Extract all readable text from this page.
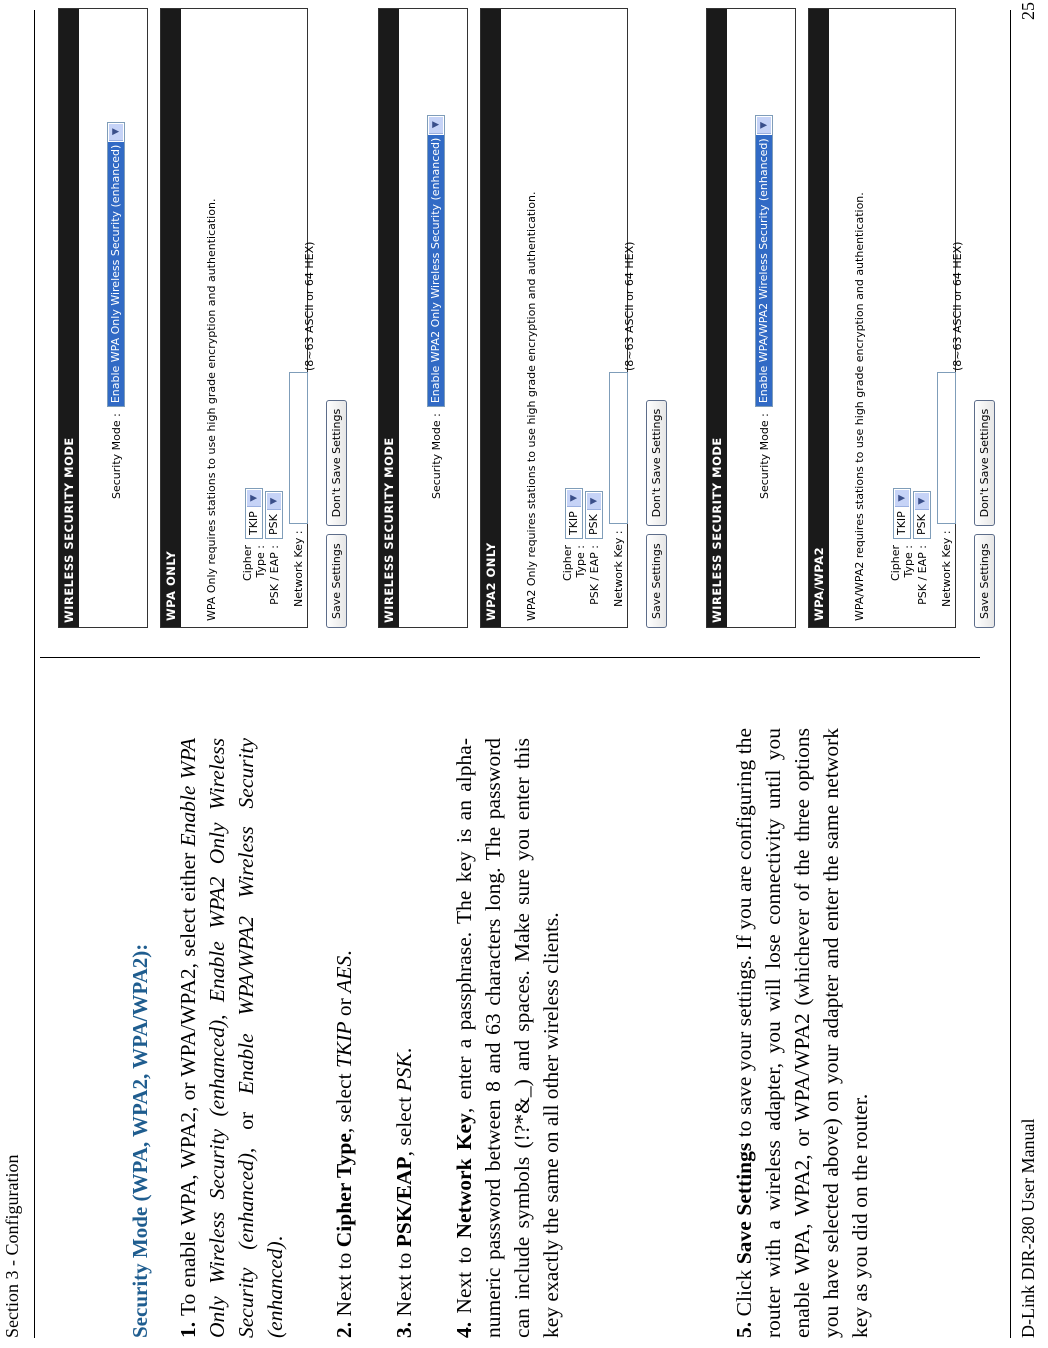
Section 3 - Configuration	D-Link DIR-280 User Manual
25
Security Mode (WPA, WPA2, WPA/WPA2): 1. To enable WPA, WPA2, or WPA/WPA2, select either Enable WPA Only Wireless Security (enhanced), Enable WPA2 Only Wireless Security (enhanced), or Enable WPA/WPA2 Wireless Security (enhanced).
2. Next to Cipher Type, select TKIP or AES.
3. Next to PSK/EAP, select PSK.
4. Next to Network Key, enter a passphrase. The key is an alpha-numeric password between 8 and 63 characters long. The password can include symbols (!?*&_) and spaces. Make sure you enter this key exactly the same on all other wireless clients.	5. Click Save Settings to save your settings. If you are configuring the router with a wireless adapter, you will lose connectivity until you enable WPA, WPA2, or WPA/WPA2 (whichever of the three options you have selected above) on your adapter and enter the same network key as you did on the router.
WIRELESS SECURITY MODE	Security Mode :
Enable WPA Only Wireless Security (enhanced)
▼
WPA ONLY WPA Only requires stations to use high grade encryption and authentication. Cipher Type :
TKIP
▼
PSK / EAP :
PSK
▼
Network Key :
(8~63 ASCII or 64 HEX)
Save Settings
Don't Save Settings	WIRELESS SECURITY MODE	Security Mode :
Enable WPA2 Only Wireless Security (enhanced)
▼
WPA2 ONLY WPA2 Only requires stations to use high grade encryption and authentication. Cipher Type :
TKIP
▼
PSK / EAP :
PSK
▼
Network Key :
(8~63 ASCII or 64 HEX)
Save Settings
Don't Save Settings	WIRELESS SECURITY MODE	Security Mode :
Enable WPA/WPA2 Wireless Security (enhanced)
▼
WPA/WPA2 WPA/WPA2 requires stations to use high grade encryption and authentication. Cipher Type :
TKIP
▼
PSK / EAP :
PSK
▼
Network Key :
(8~63 ASCII or 64 HEX)
Save Settings
Don't Save Settings
